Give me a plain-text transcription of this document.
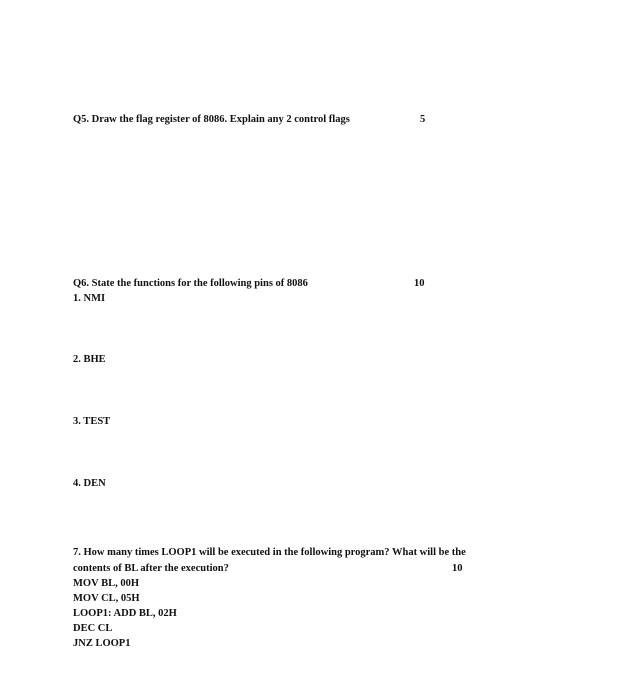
Q5. Draw the flag register of 8086. Explain any 2 control flags	5
Q6. State the functions for the following pins of 8086	10
1. NMI
2. BHE
3. TEST
4. DEN
7. How many times LOOP1 will be executed in the following program? What will be the
contents of BL after the execution?	10
MOV BL, 00H
MOV CL, 05H
LOOP1: ADD BL, 02H
DEC CL
JNZ LOOP1
